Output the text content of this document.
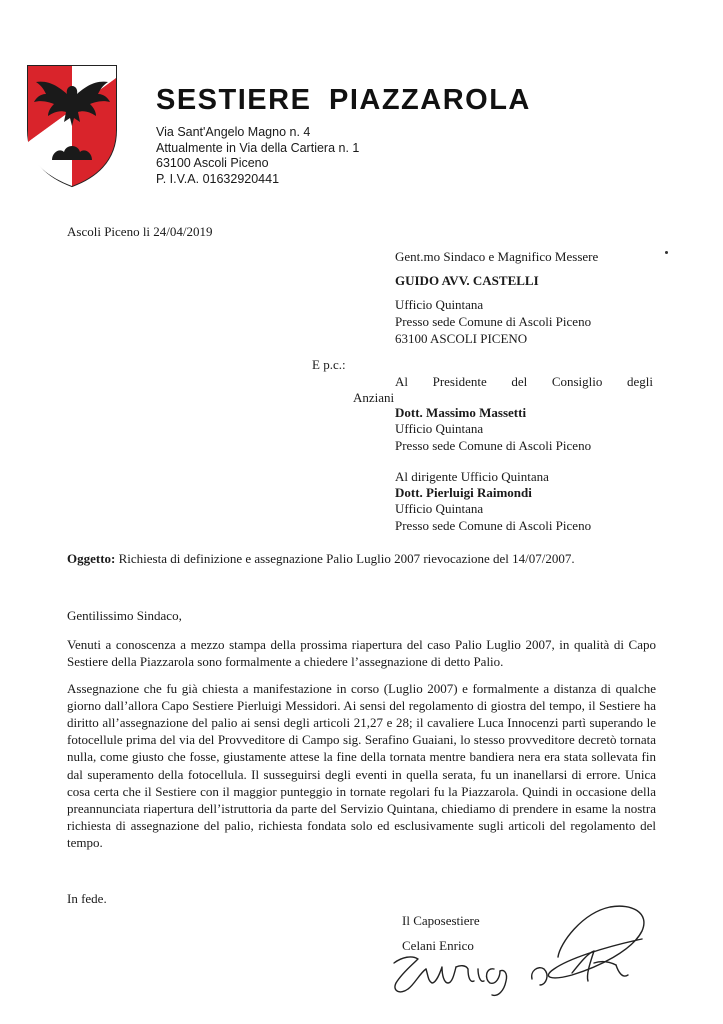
SESTIERE PIAZZAROLA
Via Sant'Angelo Magno n. 4
Attualmente in Via della Cartiera n. 1
63100 Ascoli Piceno
P. I.V.A. 01632920441
Ascoli Piceno li 24/04/2019
Gent.mo Sindaco e Magnifico Messere
GUIDO AVV. CASTELLI
Ufficio Quintana
Presso sede Comune di Ascoli Piceno
63100 ASCOLI PICENO
E p.c.:
Al Presidente del Consiglio degli
Anziani
Dott. Massimo Massetti
Ufficio Quintana
Presso sede Comune di Ascoli Piceno
Al dirigente Ufficio Quintana
Dott. Pierluigi Raimondi
Ufficio Quintana
Presso sede Comune di Ascoli Piceno
Oggetto: Richiesta di definizione e assegnazione Palio Luglio 2007 rievocazione del 14/07/2007.

Gentilissimo Sindaco,

Venuti a conoscenza a mezzo stampa della prossima riapertura del caso Palio Luglio 2007, in qualità di Capo Sestiere della Piazzarola sono formalmente a chiedere l’assegnazione di detto Palio.

Assegnazione che fu già chiesta a manifestazione in corso (Luglio 2007) e formalmente a distanza di qualche giorno dall’allora Capo Sestiere Pierluigi Messidori. Ai sensi del regolamento di giostra del tempo, il Sestiere ha diritto all’assegnazione del palio ai sensi degli articoli 21,27 e 28; il cavaliere Luca Innocenzi partì superando le fotocellule prima del via del Provveditore di Campo sig. Serafino Guaiani, lo stesso provveditore decretò tornata nulla, come giusto che fosse, giustamente attese la fine della tornata mentre bandiera nera era stata sollevata fin dal superamento della fotocellula. Il susseguirsi degli eventi in quella serata, fu un inanellarsi di errore. Unica cosa certa che il Sestiere con il maggior punteggio in tornate regolari fu la Piazzarola. Quindi in occasione della preannunciata riapertura dell’istruttoria da parte del Servizio Quintana, chiediamo di prendere in esame la nostra richiesta di assegnazione del palio, richiesta fondata solo ed esclusivamente sugli articoli del regolamento del tempo.

In fede.
Il Caposestiere
Celani Enrico
